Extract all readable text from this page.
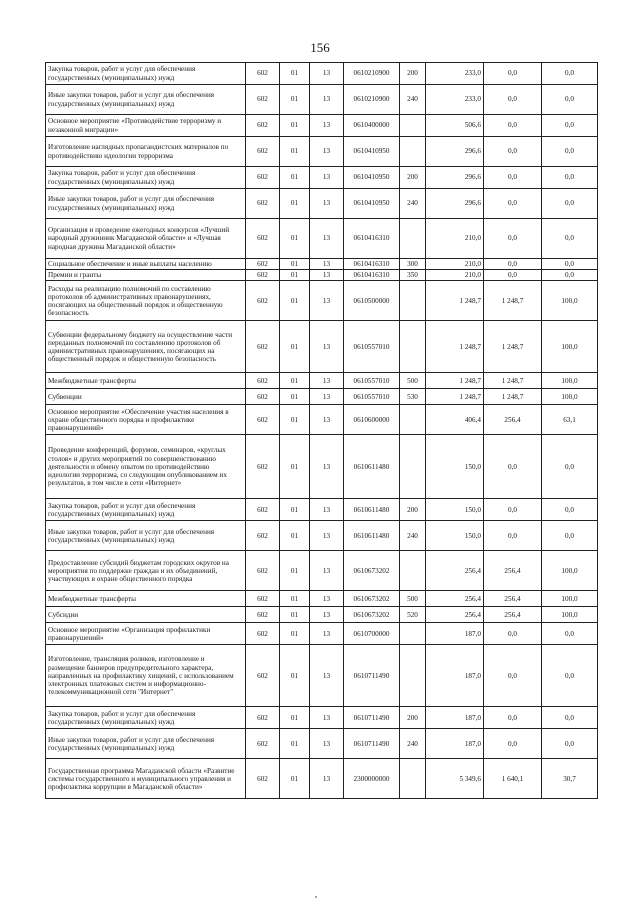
156
Закупка товаров, работ и услуг для обеспечения государственных (муниципальных) нужд	602	01	13	0610210900	200	233,0	0,0	0,0
Иные закупки товаров, работ и услуг для обеспечения государственных (муниципальных) нужд	602	01	13	0610210900	240	233,0	0,0	0,0
Основное мероприятие «Противодействие терроризму и незаконной миграции»	602	01	13	0610400000		506,6	0,0	0,0
Изготовление наглядных пропагандистских материалов по противодействию идеологии терроризма	602	01	13	0610410950		296,6	0,0	0,0
Закупка товаров, работ и услуг для обеспечения государственных (муниципальных) нужд	602	01	13	0610410950	200	296,6	0,0	0,0
Иные закупки товаров, работ и услуг для обеспечения государственных (муниципальных) нужд	602	01	13	0610410950	240	296,6	0,0	0,0
Организация и проведение ежегодных конкурсов «Лучший народный дружинник Магаданской области» и «Лучшая народная дружина Магаданской области»	602	01	13	0610416310		210,0	0,0	0,0
Социальное обеспечение и иные выплаты населению	602	01	13	0610416310	300	210,0	0,0	0,0
Премии и гранты	602	01	13	0610416310	350	210,0	0,0	0,0
Расходы на реализацию полномочий по составлению протоколов об административных правонарушениях, посягающих на общественный порядок и общественную безопасность	602	01	13	0610500000		1 248,7	1 248,7	100,0
Субвенции федеральному бюджету на осуществление части переданных полномочий по составлению протоколов об административных правонарушениях, посягающих на общественный порядок и общественную безопасность	602	01	13	0610557010		1 248,7	1 248,7	100,0
Межбюджетные трансферты	602	01	13	0610557010	500	1 248,7	1 248,7	100,0
Субвенции	602	01	13	0610557010	530	1 248,7	1 248,7	100,0
Основное мероприятие «Обеспечение участия населения в охране общественного порядка и профилактике правонарушений»	602	01	13	0610600000		406,4	256,4	63,1
Проведение конференций, форумов, семинаров, «круглых столов» и других мероприятий по совершенствованию деятельности и обмену опытом по противодействию идеологии терроризма, со следующим опубликованием их результатов, в том числе в сети «Интернет»	602	01	13	0610611480		150,0	0,0	0,0
Закупка товаров, работ и услуг для обеспечения государственных (муниципальных) нужд	602	01	13	0610611480	200	150,0	0,0	0,0
Иные закупки товаров, работ и услуг для обеспечения государственных (муниципальных) нужд	602	01	13	0610611480	240	150,0	0,0	0,0
Предоставление субсидий бюджетам городских округов на мероприятия по поддержке граждан и их объединений, участвующих в охране общественного порядка	602	01	13	0610673202		256,4	256,4	100,0
Межбюджетные трансферты	602	01	13	0610673202	500	256,4	256,4	100,0
Субсидии	602	01	13	0610673202	520	256,4	256,4	100,0
Основное мероприятие «Организация профилактики правонарушений»	602	01	13	0610700000		187,0	0,0	0,0
Изготовление, трансляция роликов, изготовление и размещение баннеров предупредительного характера, направленных на профилактику хищений, с использованием электронных платежных систем и информационно-телекоммуникационной сети "Интернет"	602	01	13	0610711490		187,0	0,0	0,0
Закупка товаров, работ и услуг для обеспечения государственных (муниципальных) нужд	602	01	13	0610711490	200	187,0	0,0	0,0
Иные закупки товаров, работ и услуг для обеспечения государственных (муниципальных) нужд	602	01	13	0610711490	240	187,0	0,0	0,0
Государственная программа Магаданской области «Развитие системы государственного и муниципального управления и профилактика коррупции в Магаданской области»	602	01	13	2300000000		5 349,6	1 640,1	30,7
